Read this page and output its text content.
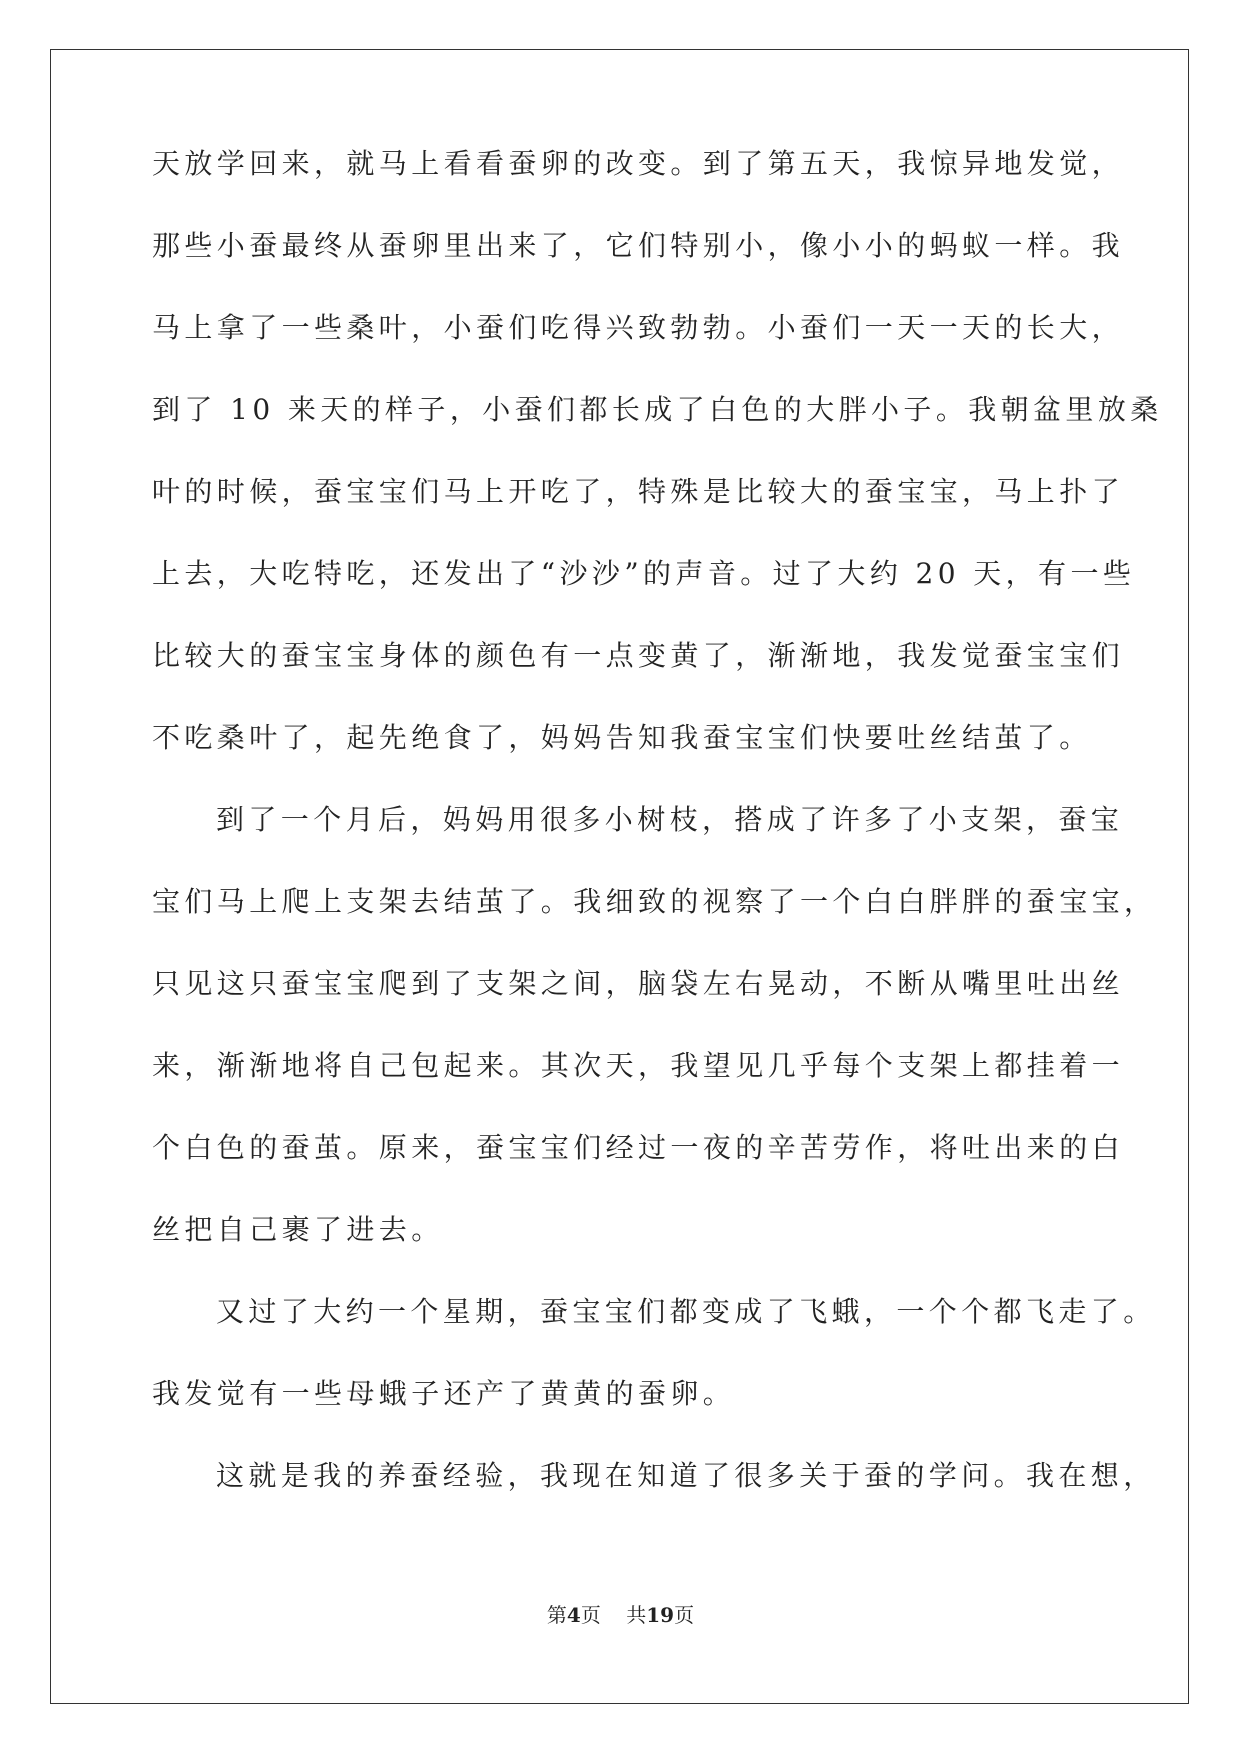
天放学回来，就马上看看蚕卵的改变。到了第五天，我惊异地发觉，
那些小蚕最终从蚕卵里出来了，它们特别小，像小小的蚂蚁一样。我
马上拿了一些桑叶，小蚕们吃得兴致勃勃。小蚕们一天一天的长大，
到了 10 来天的样子，小蚕们都长成了白色的大胖小子。我朝盆里放桑
叶的时候，蚕宝宝们马上开吃了，特殊是比较大的蚕宝宝，马上扑了
上去，大吃特吃，还发出了“沙沙”的声音。过了大约 20 天，有一些
比较大的蚕宝宝身体的颜色有一点变黄了，渐渐地，我发觉蚕宝宝们
不吃桑叶了，起先绝食了，妈妈告知我蚕宝宝们快要吐丝结茧了。
到了一个月后，妈妈用很多小树枝，搭成了许多了小支架，蚕宝
宝们马上爬上支架去结茧了。我细致的视察了一个白白胖胖的蚕宝宝，
只见这只蚕宝宝爬到了支架之间，脑袋左右晃动，不断从嘴里吐出丝
来，渐渐地将自己包起来。其次天，我望见几乎每个支架上都挂着一
个白色的蚕茧。原来，蚕宝宝们经过一夜的辛苦劳作，将吐出来的白
丝把自己裹了进去。
又过了大约一个星期，蚕宝宝们都变成了飞蛾，一个个都飞走了。
我发觉有一些母蛾子还产了黄黄的蚕卵。
这就是我的养蚕经验，我现在知道了很多关于蚕的学问。我在想，
第4页    共19页
